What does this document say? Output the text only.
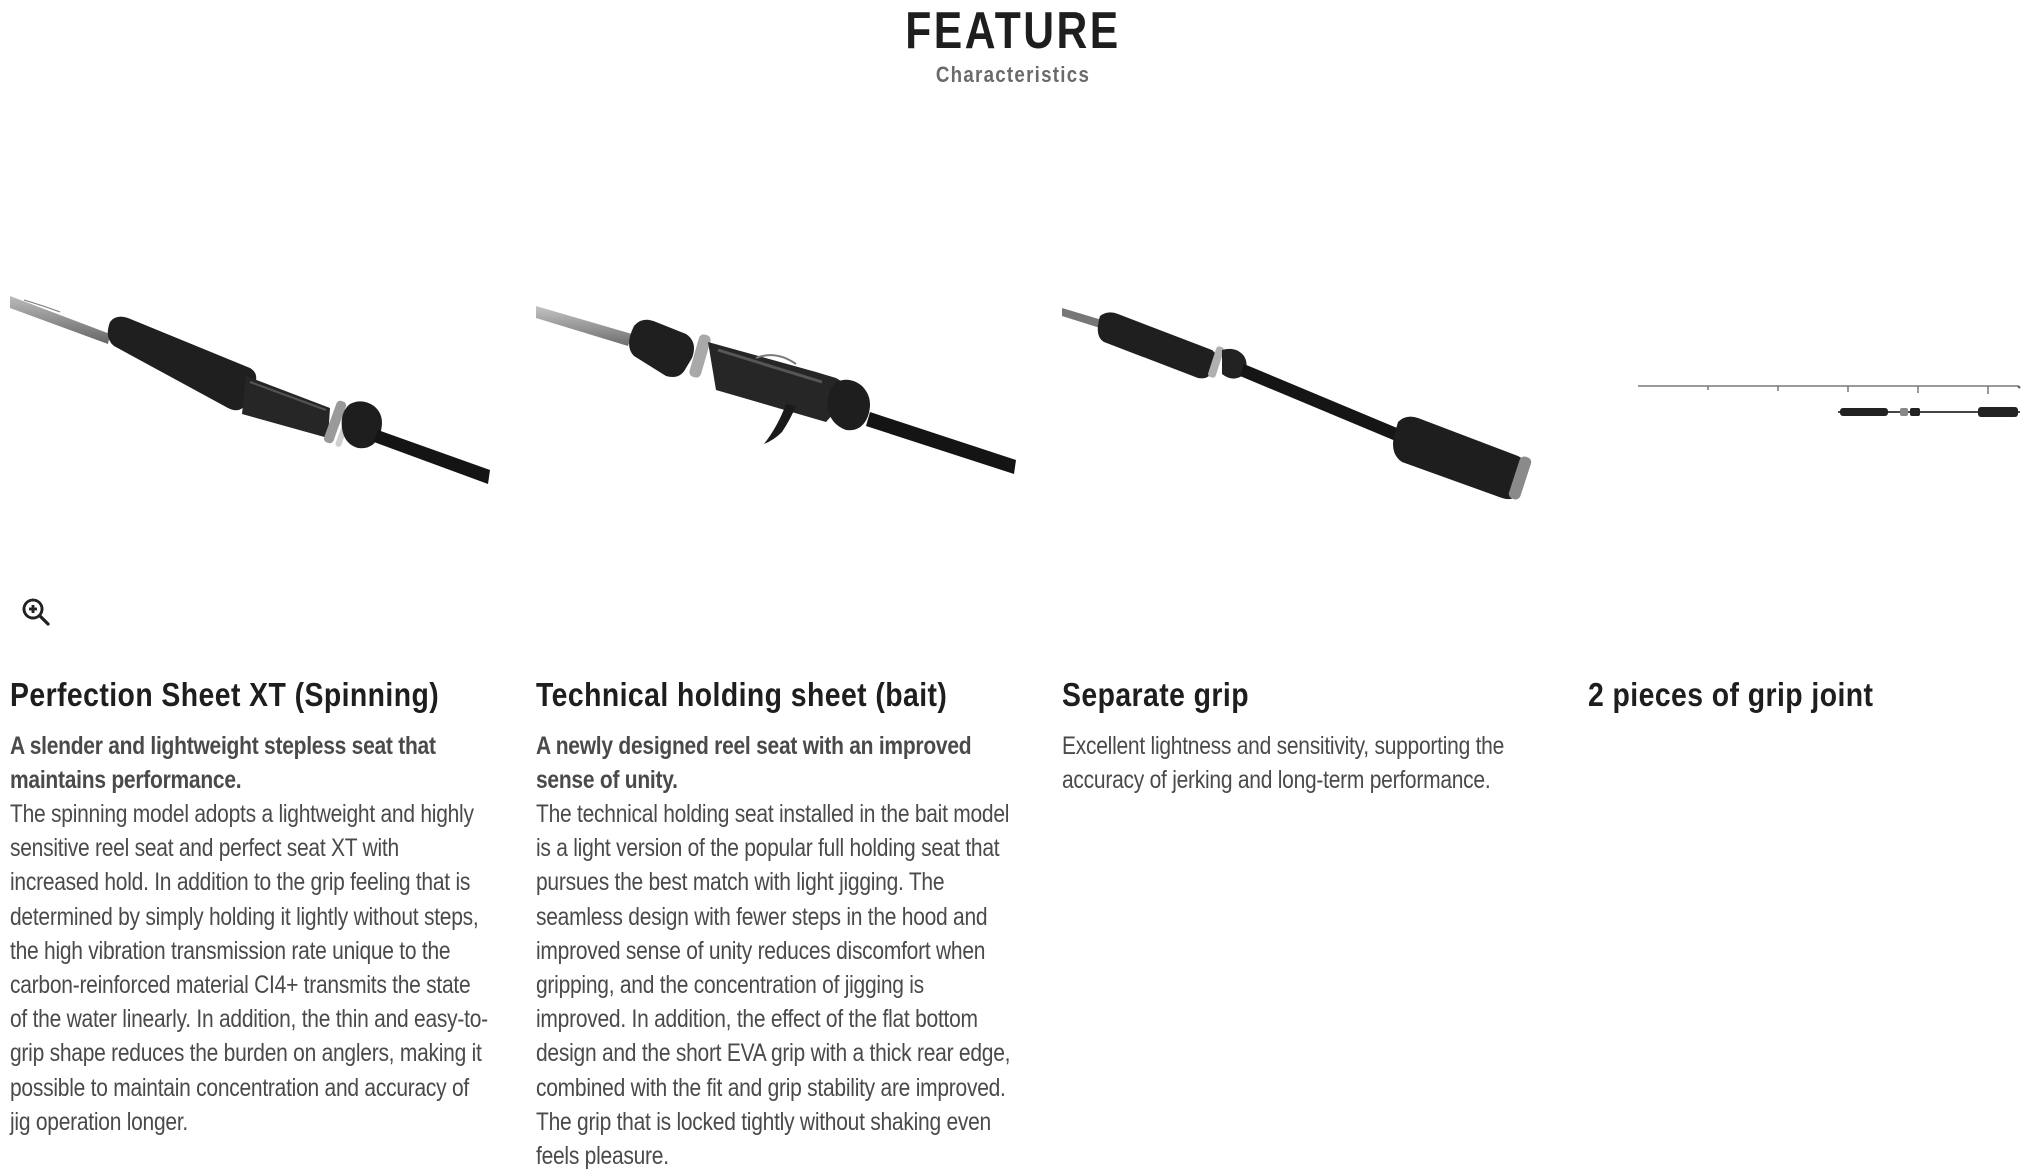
FEATURE

Characteristics

Perfection Sheet XT (Spinning)

A slender and lightweight stepless seat that maintains performance.

The spinning model adopts a lightweight and highly sensitive reel seat and perfect seat XT with increased hold. In addition to the grip feeling that is determined by simply holding it lightly without steps, the high vibration transmission rate unique to the carbon-reinforced material CI4+ transmits the state of the water linearly. In addition, the thin and easy-to-grip shape reduces the burden on anglers, making it possible to maintain concentration and accuracy of jig operation longer.

Technical holding sheet (bait)

A newly designed reel seat with an improved sense of unity.

The technical holding seat installed in the bait model is a light version of the popular full holding seat that pursues the best match with light jigging. The seamless design with fewer steps in the hood and improved sense of unity reduces discomfort when gripping, and the concentration of jigging is improved. In addition, the effect of the flat bottom design and the short EVA grip with a thick rear edge, combined with the fit and grip stability are improved. The grip that is locked tightly without shaking even feels pleasure.

Separate grip

Excellent lightness and sensitivity, supporting the accuracy of jerking and long-term performance.

2 pieces of grip joint
